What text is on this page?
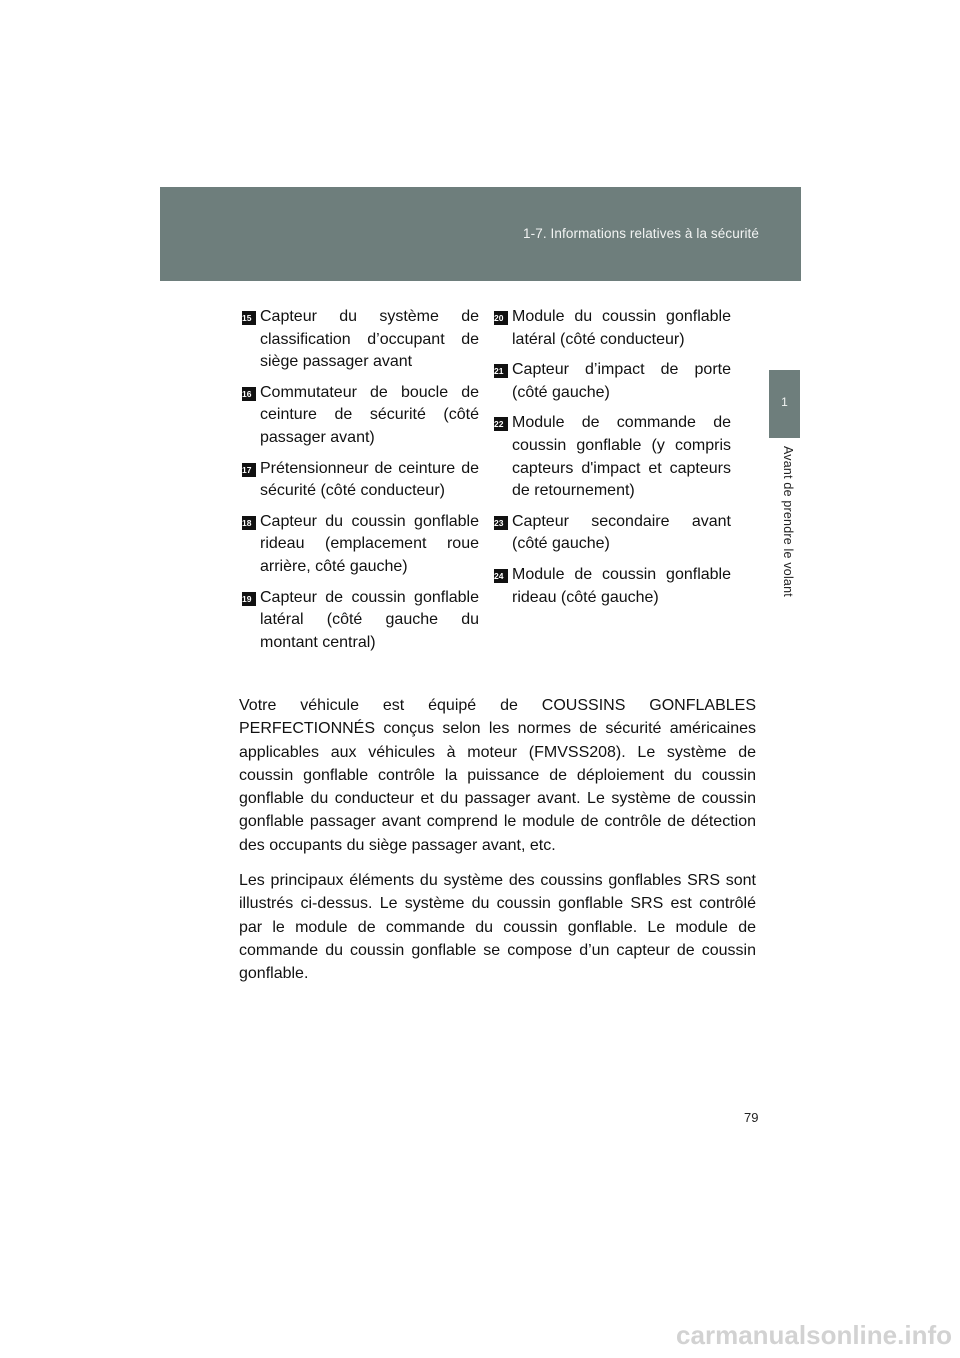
1-7. Informations relatives à la sécurité
1
Avant de prendre le volant
15 Capteur du système de classification d’occupant de siège passager avant
16 Commutateur de boucle de ceinture de sécurité (côté passager avant)
17 Prétensionneur de ceinture de sécurité (côté conducteur)
18 Capteur du coussin gonflable rideau (emplacement roue arrière, côté gauche)
19 Capteur de coussin gonflable latéral (côté gauche du montant central)
20 Module du coussin gonflable latéral (côté conducteur)
21 Capteur d’impact de porte (côté gauche)
22 Module de commande de coussin gonflable (y compris capteurs d'impact et capteurs de retournement)
23 Capteur secondaire avant (côté gauche)
24 Module de coussin gonflable rideau (côté gauche)

Votre véhicule est équipé de COUSSINS GONFLABLES PERFECTIONNÉS conçus selon les normes de sécurité américaines applicables aux véhicules à moteur (FMVSS208). Le système de coussin gonflable contrôle la puissance de déploiement du coussin gonflable du conducteur et du passager avant. Le système de coussin gonflable passager avant comprend le module de contrôle de détection des occupants du siège passager avant, etc.

Les principaux éléments du système des coussins gonflables SRS sont illustrés ci-dessus. Le système du coussin gonflable SRS est contrôlé par le module de commande du coussin gonflable. Le module de commande du coussin gonflable se compose d’un capteur de coussin gonflable.

79
carmanualsonline.info
